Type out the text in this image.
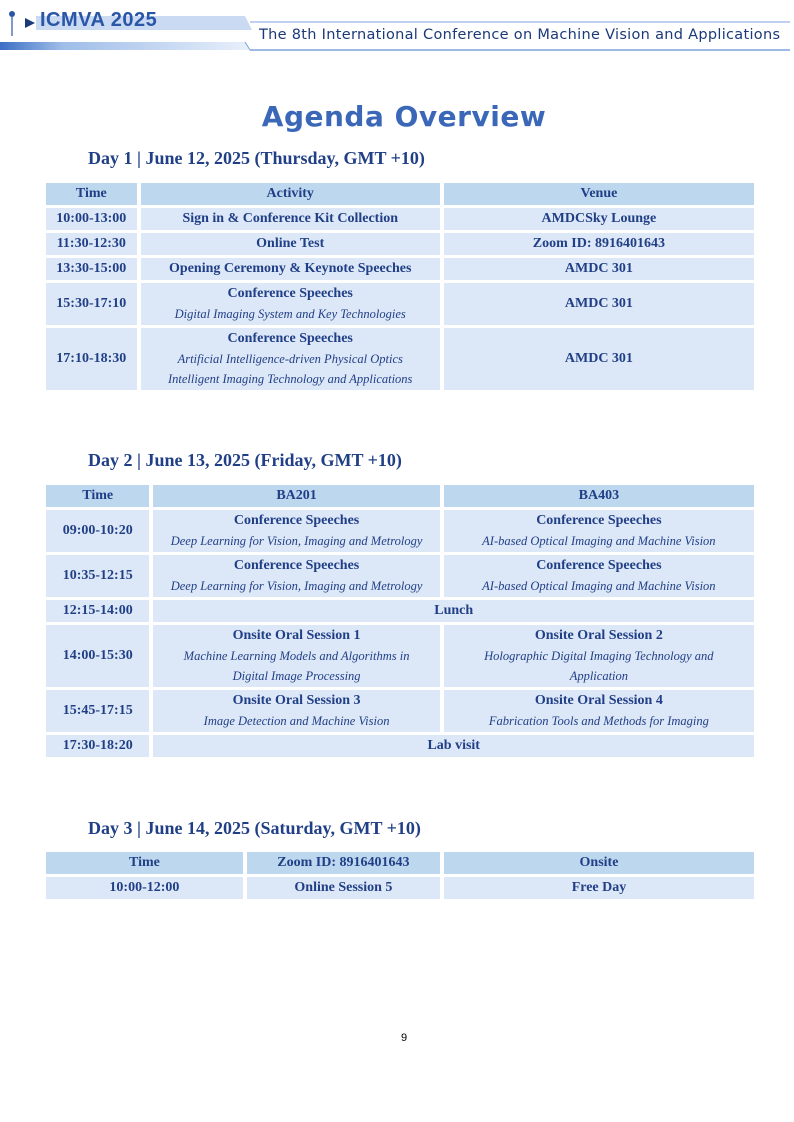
ICMVA 2025
The 8th International Conference on Machine Vision and Applications
Agenda Overview
Day 1 | June 12, 2025 (Thursday, GMT +10)
Time	Activity	Venue
10:00-13:00	Sign in & Conference Kit Collection	AMDCSky Lounge

11:30-12:30	Online Test	Zoom ID: 8916401643

13:30-15:00	Opening Ceremony & Keynote Speeches	AMDC 301

15:30-17:10	Conference Speeches
Digital Imaging System and Key Technologies	AMDC 301

17:10-18:30	Conference Speeches
Artificial Intelligence-driven Physical Optics
Intelligent Imaging Technology and Applications	AMDC 301
Day 2 | June 13, 2025 (Friday, GMT +10)
Time	BA201	BA403
09:00-10:20	Conference Speeches
Deep Learning for Vision, Imaging and Metrology	Conference Speeches
AI-based Optical Imaging and Machine Vision

10:35-12:15	Conference Speeches
Deep Learning for Vision, Imaging and Metrology	Conference Speeches
AI-based Optical Imaging and Machine Vision

12:15-14:00	Lunch	

14:00-15:30	Onsite Oral Session 1
Machine Learning Models and Algorithms in Digital Image Processing	Onsite Oral Session 2
Holographic Digital Imaging Technology and Application

15:45-17:15	Onsite Oral Session 3
Image Detection and Machine Vision	Onsite Oral Session 4
Fabrication Tools and Methods for Imaging

17:30-18:20	Lab visit	
Day 3 | June 14, 2025 (Saturday, GMT +10)
Time	Zoom ID: 8916401643	Onsite
10:00-12:00	Online Session 5	Free Day
9
